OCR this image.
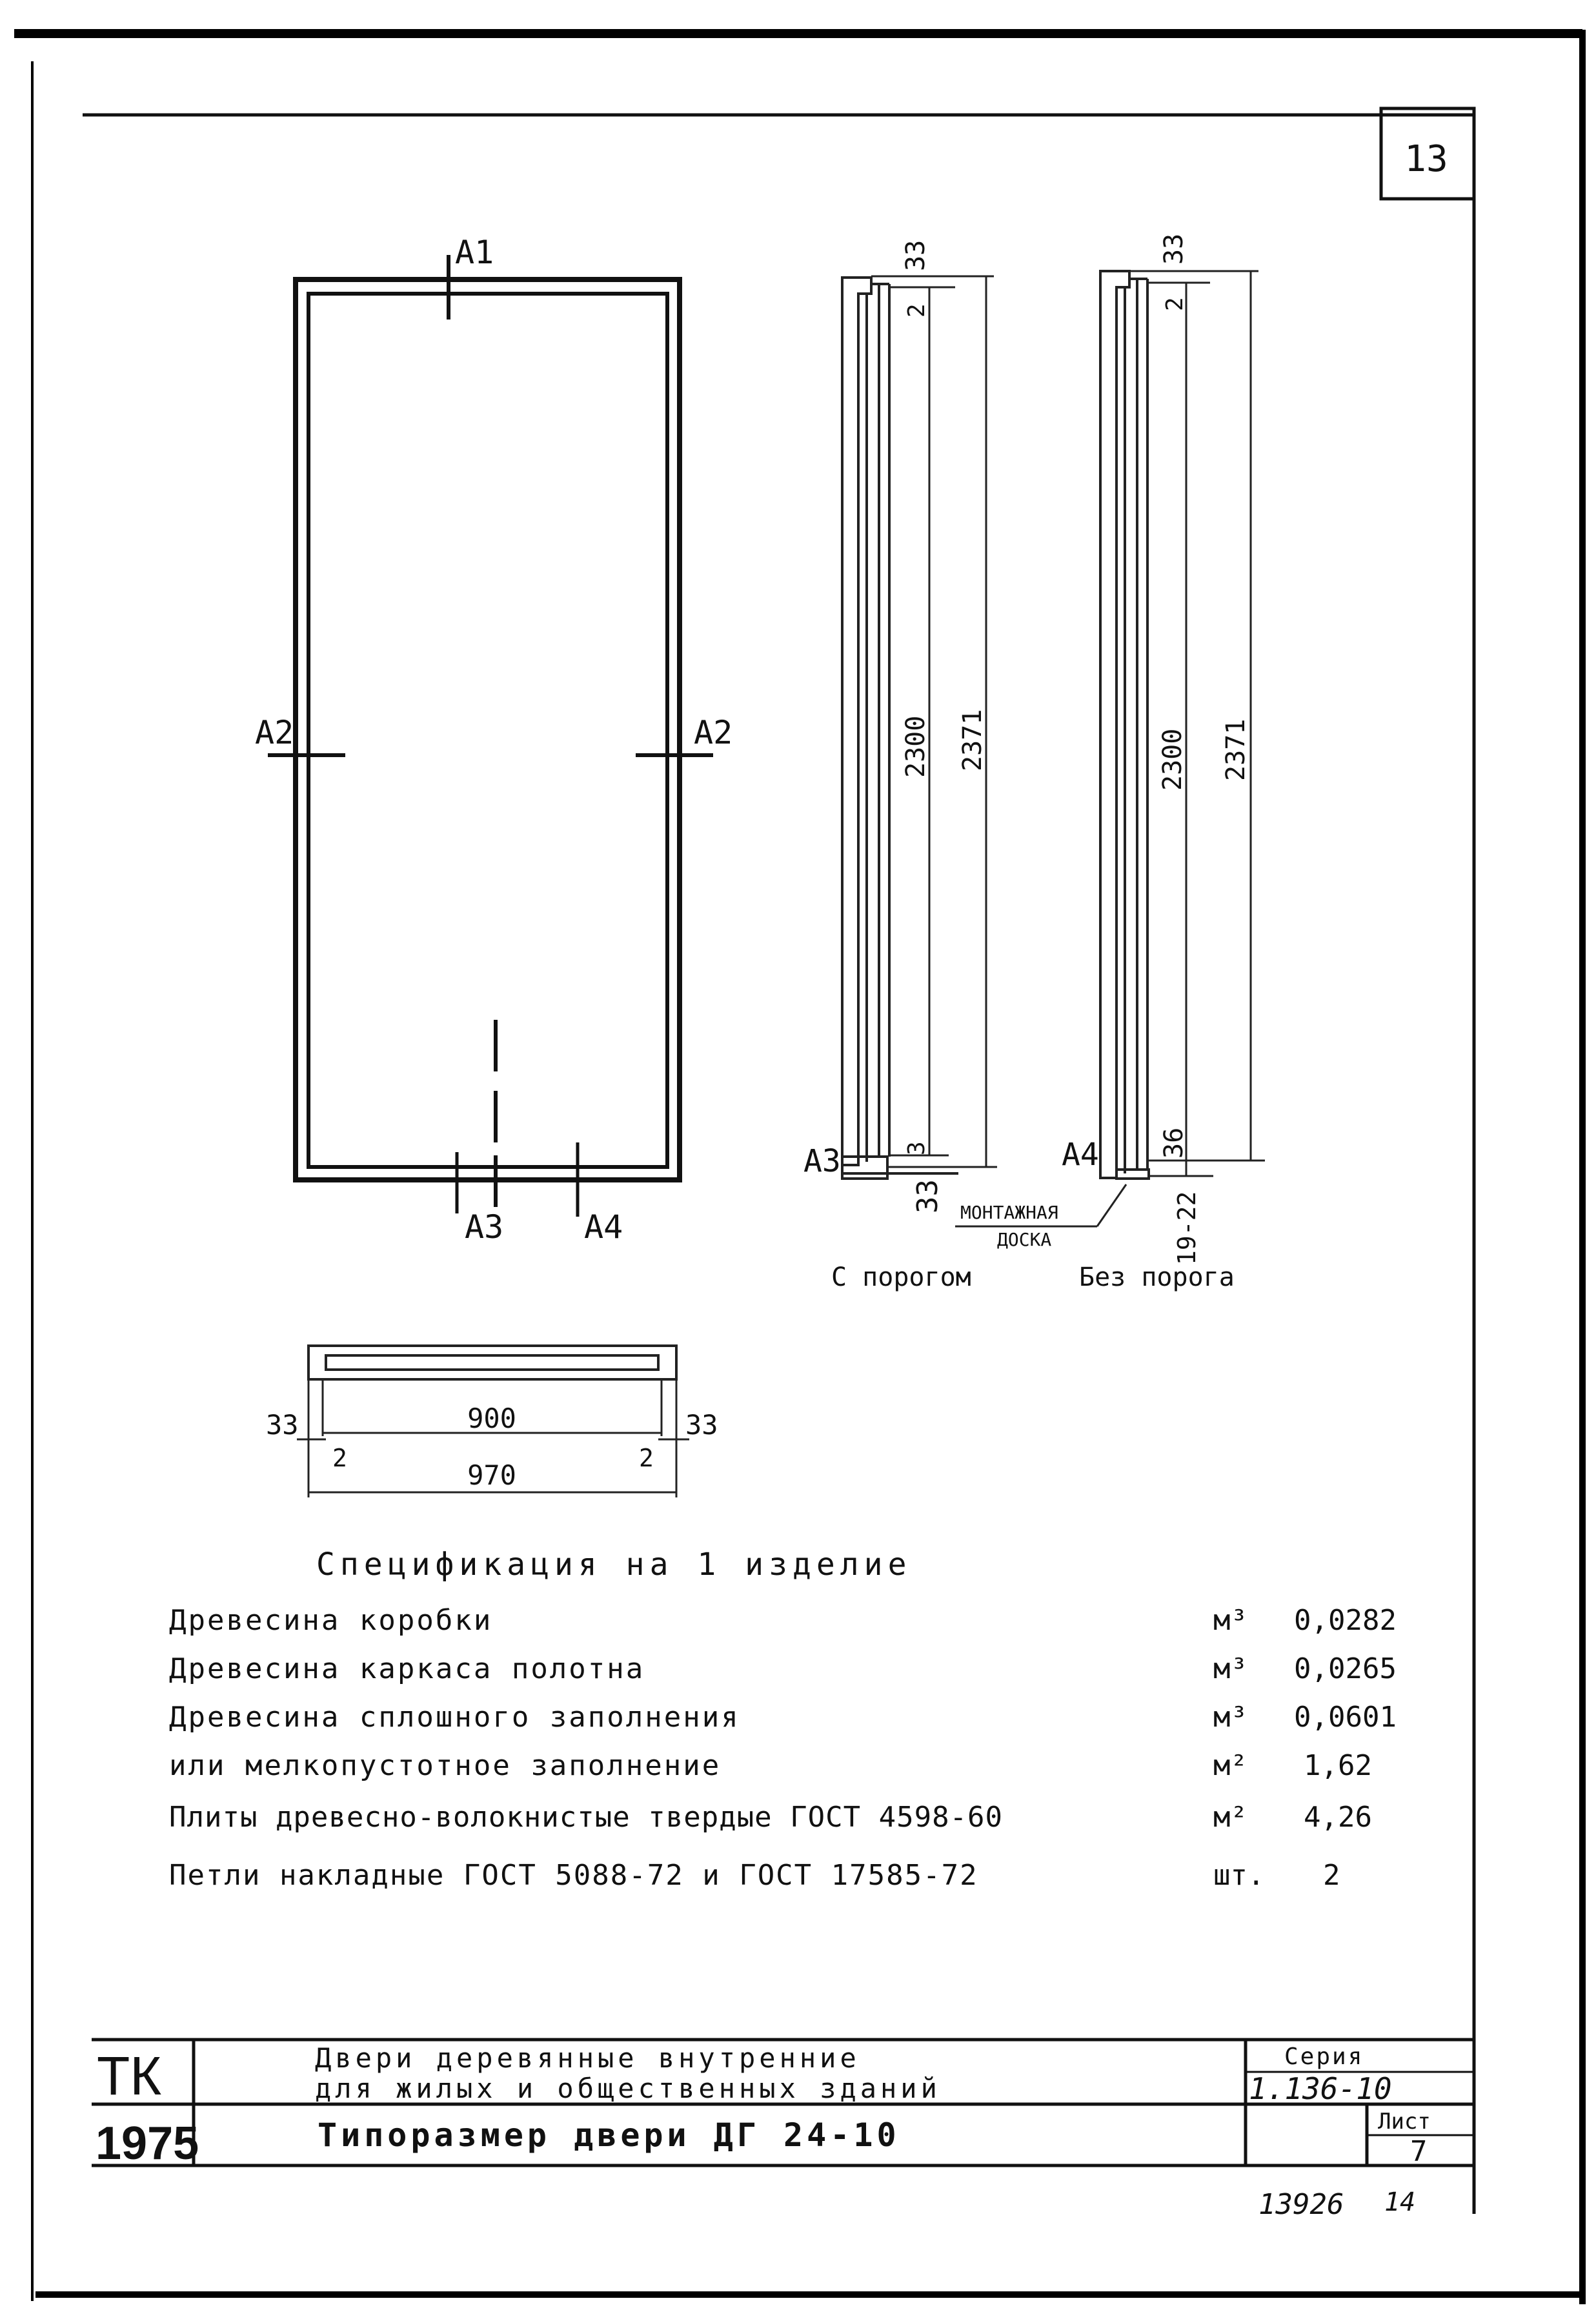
13
A1
A2	A2
A3 A4
33
2
2300 2371
3
33
A3
МОНТАЖНАЯ
ДОСКА
С порогом
33
2
2300 2371
36
19-22
A4
Без порога
33	33
900
970
2	2
Спецификация на 1 изделие
Древесина коробки	м³ 0,0282
Древесина каркаса полотна	м³ 0,0265
Древесина сплошного заполнения	м³ 0,0601
или мелкопустотное заполнение	м² 1,62
Плиты древесно-волокнистые твердые ГОСТ 4598-60	м² 4,26
Петли накладные ГОСТ 5088-72 и ГОСТ 17585-72	шт. 2
ТК
1975
Двери деревянные внутренние
для жилых и общественных зданий
Типоразмер двери ДГ 24-10
Серия
1.136-10
Лист
7
13926 14
